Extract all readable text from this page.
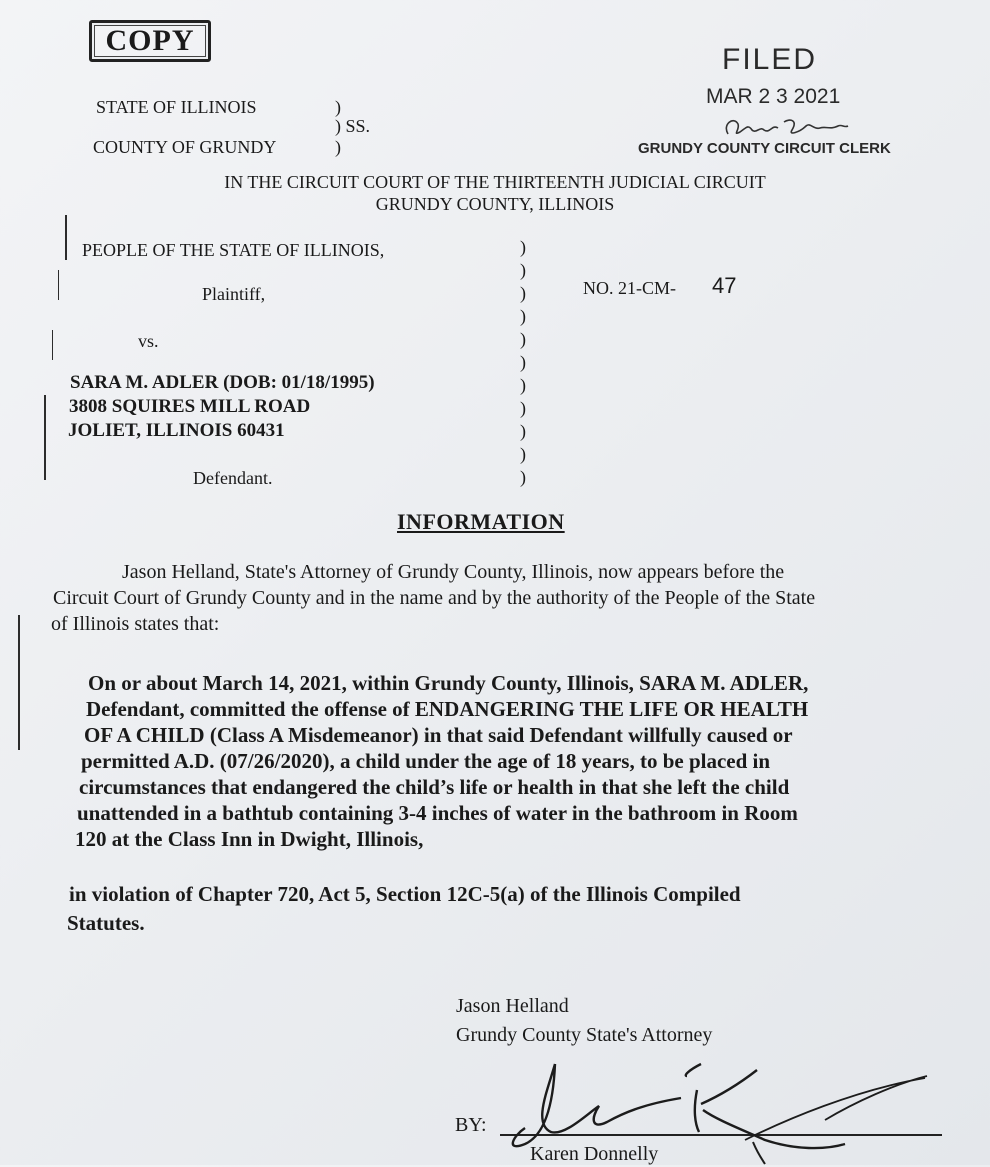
COPY
FILED
MAR 2 3 2021
GRUNDY COUNTY CIRCUIT CLERK
STATE OF ILLINOIS	)
) SS.
COUNTY OF GRUNDY	)
IN THE CIRCUIT COURT OF THE THIRTEENTH JUDICIAL CIRCUIT
GRUNDY COUNTY, ILLINOIS
PEOPLE OF THE STATE OF ILLINOIS,
Plaintiff,
vs.
SARA M. ADLER (DOB: 01/18/1995)
3808 SQUIRES MILL ROAD
JOLIET, ILLINOIS 60431
Defendant.
)
)
)
)
)
)
)
)
)
)
)
NO. 21-CM- 47
INFORMATION
Jason Helland, State's Attorney of Grundy County, Illinois, now appears before the
Circuit Court of Grundy County and in the name and by the authority of the People of the State
of Illinois states that:
On or about March 14, 2021, within Grundy County, Illinois, SARA M. ADLER,
Defendant, committed the offense of ENDANGERING THE LIFE OR HEALTH
OF A CHILD (Class A Misdemeanor) in that said Defendant willfully caused or
permitted A.D. (07/26/2020), a child under the age of 18 years, to be placed in
circumstances that endangered the child’s life or health in that she left the child
unattended in a bathtub containing 3-4 inches of water in the bathroom in Room
120 at the Class Inn in Dwight, Illinois,
in violation of Chapter 720, Act 5, Section 12C-5(a) of the Illinois Compiled
Statutes.
Jason Helland
Grundy County State's Attorney
BY:
Karen Donnelly
